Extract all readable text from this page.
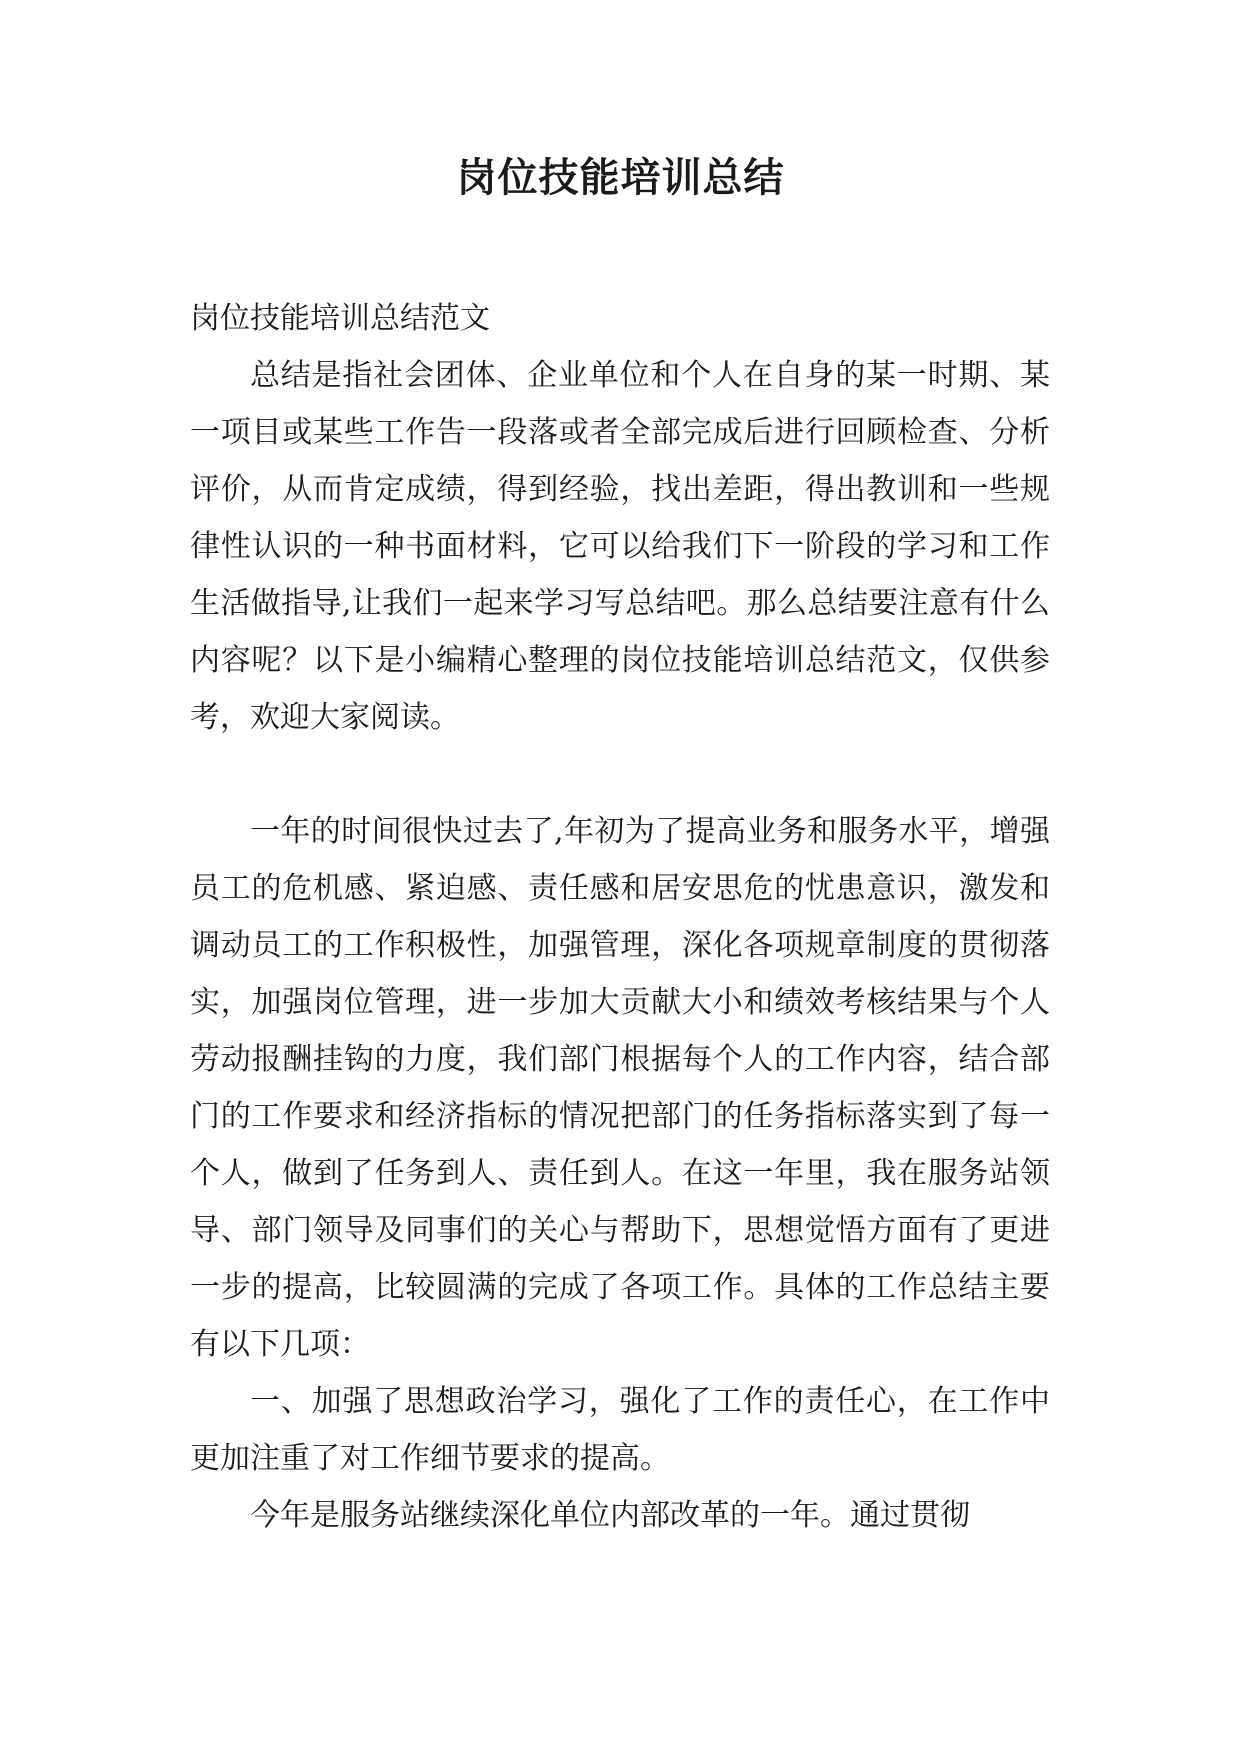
岗位技能培训总结

岗位技能培训总结范文

总结是指社会团体、企业单位和个人在自身的某一时期、某一项目或某些工作告一段落或者全部完成后进行回顾检查、分析评价，从而肯定成绩，得到经验，找出差距，得出教训和一些规律性认识的一种书面材料，它可以给我们下一阶段的学习和工作生活做指导,让我们一起来学习写总结吧。那么总结要注意有什么内容呢？以下是小编精心整理的岗位技能培训总结范文，仅供参考，欢迎大家阅读。

一年的时间很快过去了,年初为了提高业务和服务水平，增强员工的危机感、紧迫感、责任感和居安思危的忧患意识，激发和调动员工的工作积极性，加强管理，深化各项规章制度的贯彻落实，加强岗位管理，进一步加大贡献大小和绩效考核结果与个人劳动报酬挂钩的力度，我们部门根据每个人的工作内容，结合部门的工作要求和经济指标的情况把部门的任务指标落实到了每一个人，做到了任务到人、责任到人。在这一年里，我在服务站领导、部门领导及同事们的关心与帮助下，思想觉悟方面有了更进一步的提高，比较圆满的完成了各项工作。具体的工作总结主要有以下几项：

一、加强了思想政治学习，强化了工作的责任心，在工作中更加注重了对工作细节要求的提高。

今年是服务站继续深化单位内部改革的一年。通过贯彻
